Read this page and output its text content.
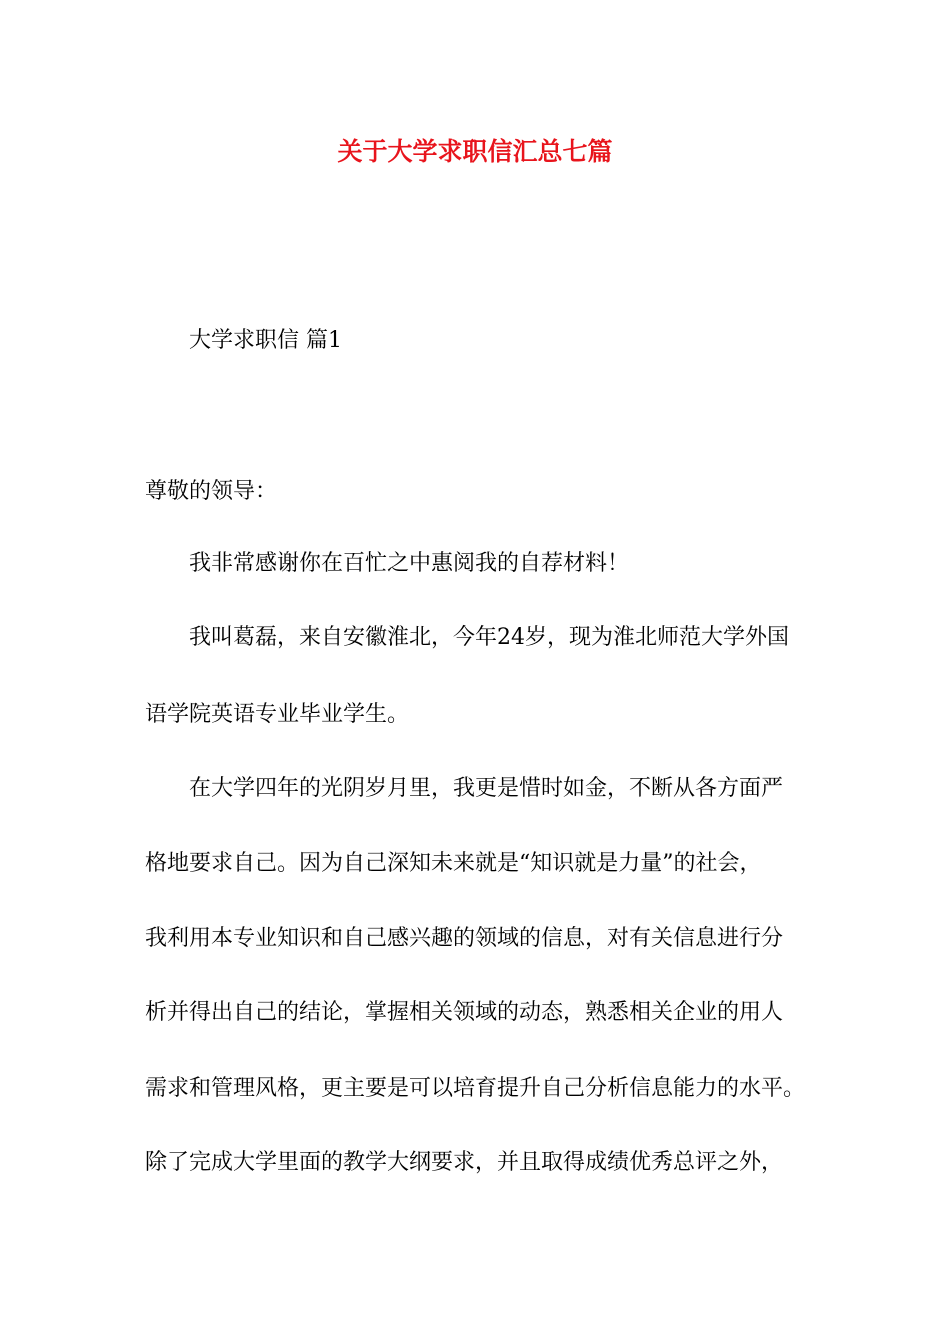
关于大学求职信汇总七篇
大学求职信 篇1
尊敬的领导：
我非常感谢你在百忙之中惠阅我的自荐材料！
我叫葛磊，来自安徽淮北，今年24岁，现为淮北师范大学外国
语学院英语专业毕业学生。
在大学四年的光阴岁月里，我更是惜时如金，不断从各方面严
格地要求自己。因为自己深知未来就是“知识就是力量”的社会，
我利用本专业知识和自己感兴趣的领域的信息，对有关信息进行分
析并得出自己的结论，掌握相关领域的动态，熟悉相关企业的用人
需求和管理风格，更主要是可以培育提升自己分析信息能力的水平。
除了完成大学里面的教学大纲要求，并且取得成绩优秀总评之外，
